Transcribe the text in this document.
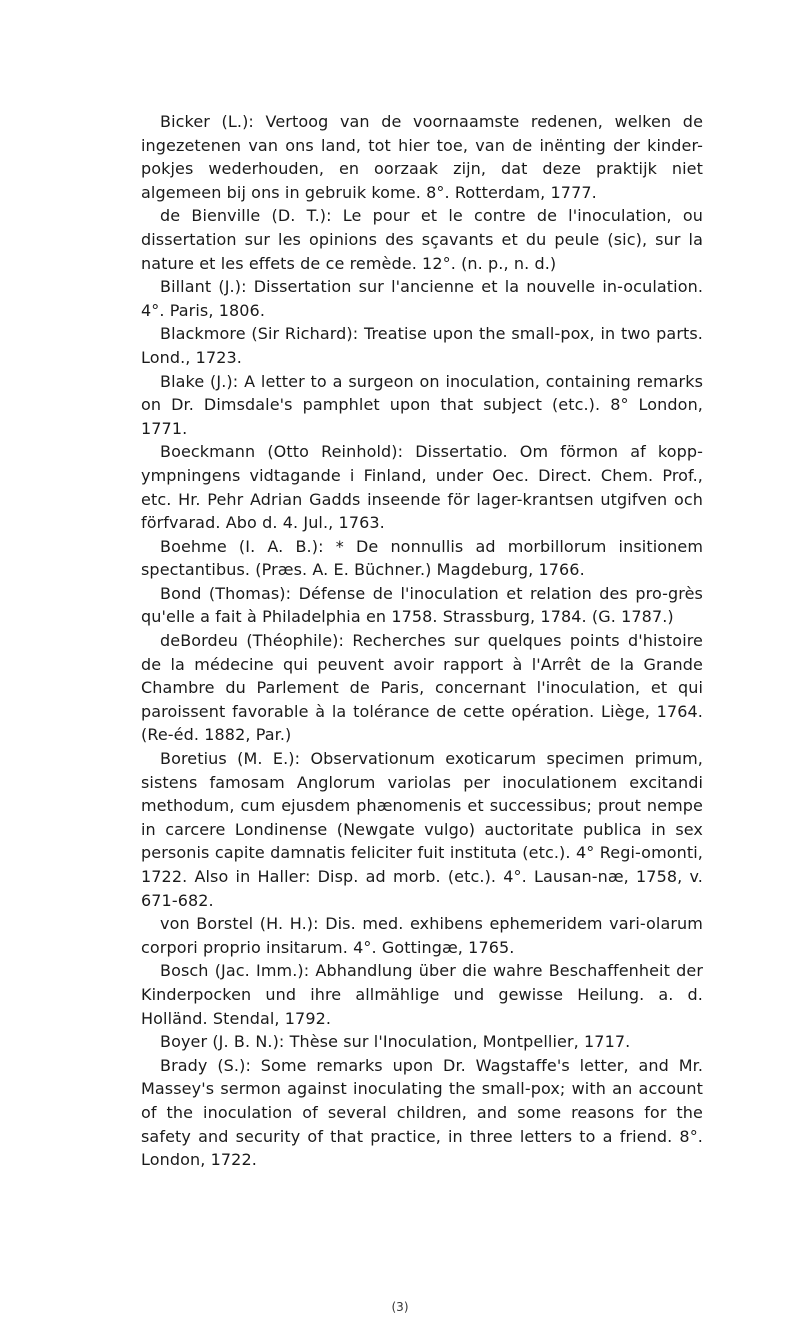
Bicker (L.): Vertoog van de voornaamste redenen, welken de ingezetenen van ons land, tot hier toe, van de inënting der kinder-pokjes wederhouden, en oorzaak zijn, dat deze praktijk niet algemeen bij ons in gebruik kome. 8°. Rotterdam, 1777.
de Bienville (D. T.): Le pour et le contre de l'inoculation, ou dissertation sur les opinions des sçavants et du peule (sic), sur la nature et les effets de ce remède. 12°. (n. p., n. d.)
Billant (J.): Dissertation sur l'ancienne et la nouvelle in-oculation. 4°. Paris, 1806.
Blackmore (Sir Richard): Treatise upon the small-pox, in two parts. Lond., 1723.
Blake (J.): A letter to a surgeon on inoculation, containing remarks on Dr. Dimsdale's pamphlet upon that subject (etc.). 8° London, 1771.
Boeckmann (Otto Reinhold): Dissertatio. Om förmon af kopp-ympningens vidtagande i Finland, under Oec. Direct. Chem. Prof., etc. Hr. Pehr Adrian Gadds inseende för lager-krantsen utgifven och förfvarad. Abo d. 4. Jul., 1763.
Boehme (I. A. B.): * De nonnullis ad morbillorum insitionem spectantibus. (Præs. A. E. Büchner.) Magdeburg, 1766.
Bond (Thomas): Défense de l'inoculation et relation des pro-grès qu'elle a fait à Philadelphia en 1758. Strassburg, 1784. (G. 1787.)
deBordeu (Théophile): Recherches sur quelques points d'histoire de la médecine qui peuvent avoir rapport à l'Arrêt de la Grande Chambre du Parlement de Paris, concernant l'inoculation, et qui paroissent favorable à la tolérance de cette opération. Liège, 1764. (Re-éd. 1882, Par.)
Boretius (M. E.): Observationum exoticarum specimen primum, sistens famosam Anglorum variolas per inoculationem excitandi methodum, cum ejusdem phænomenis et successibus; prout nempe in carcere Londinense (Newgate vulgo) auctoritate publica in sex personis capite damnatis feliciter fuit instituta (etc.). 4° Regi-omonti, 1722. Also in Haller: Disp. ad morb. (etc.). 4°. Lausan-næ, 1758, v. 671-682.
von Borstel (H. H.): Dis. med. exhibens ephemeridem vari-olarum corpori proprio insitarum. 4°. Gottingæ, 1765.
Bosch (Jac. Imm.): Abhandlung über die wahre Beschaffenheit der Kinderpocken und ihre allmählige und gewisse Heilung. a. d. Holländ. Stendal, 1792.
Boyer (J. B. N.): Thèse sur l'Inoculation, Montpellier, 1717.
Brady (S.): Some remarks upon Dr. Wagstaffe's letter, and Mr. Massey's sermon against inoculating the small-pox; with an account of the inoculation of several children, and some reasons for the safety and security of that practice, in three letters to a friend. 8°. London, 1722.

(3)
